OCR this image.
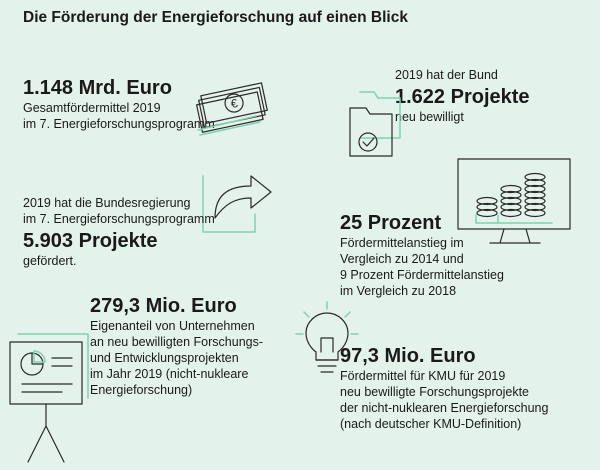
Die Förderung der Energieforschung auf einen Blick
1.148 Mrd. Euro
Gesamtfördermittel 2019
im 7. Energieforschungsprogramm
€
2019 hat der Bund
1.622 Projekte
neu bewilligt
2019 hat die Bundesregierung
im 7. Energieforschungsprogramm
5.903 Projekte
gefördert.
25 Prozent
Fördermittelanstieg im
Vergleich zu 2014 und
9 Prozent Fördermittelanstieg
im Vergleich zu 2018
279,3 Mio. Euro
Eigenanteil von Unternehmen
an neu bewilligten Forschungs-
und Entwicklungsprojekten
im Jahr 2019 (nicht-nukleare
Energieforschung)
97,3 Mio. Euro
Fördermittel für KMU für 2019
neu bewilligte Forschungsprojekte
der nicht-nuklearen Energieforschung
(nach deutscher KMU-Definition)
